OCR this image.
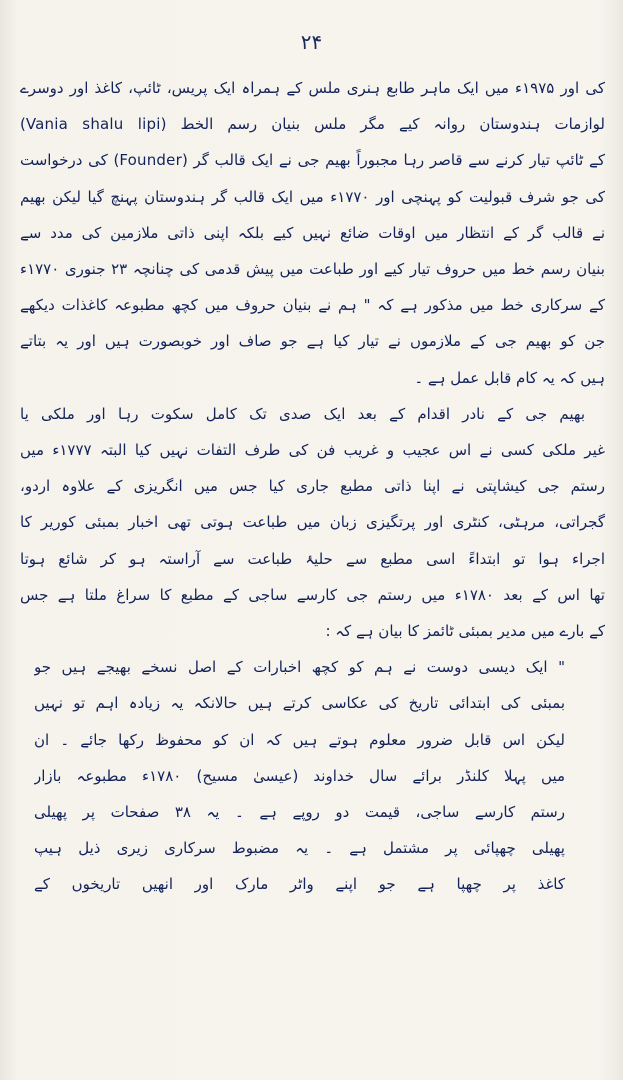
۲۴
کی اور ۱۹۷۵ء میں ایک ماہر طابع ہنری ملس کے ہمراہ ایک پریس، ٹائپ، کاغذ اور دوسرے
لوازمات ہندوستان روانہ کیے مگر ملس بنیان رسم الخط (Vania shalu lipi)
کے ٹائپ تیار کرنے سے قاصر رہا مجبوراً بھیم جی نے ایک قالب گر (Founder) کی درخواست
کی جو شرف قبولیت کو پہنچی اور ۱۷۷۰ء میں ایک قالب گر ہندوستان پہنچ گیا لیکن بھیم
نے قالب گر کے انتظار میں اوقات ضائع نہیں کیے بلکہ اپنی ذاتی ملازمین کی مدد سے
بنیان رسم خط میں حروف تیار کیے اور طباعت میں پیش قدمی کی چنانچہ ۲۳ جنوری ۱۷۷۰ء
کے سرکاری خط میں مذکور ہے کہ " ہم نے بنیان حروف میں کچھ مطبوعہ کاغذات دیکھے
جن کو بھیم جی کے ملازموں نے تیار کیا ہے جو صاف اور خوبصورت ہیں اور یہ بتاتے
ہیں کہ یہ کام قابل عمل ہے ۔
بھیم جی کے نادر اقدام کے بعد ایک صدی تک کامل سکوت رہا اور ملکی یا
غیر ملکی کسی نے اس عجیب و غریب فن کی طرف التفات نہیں کیا البتہ ۱۷۷۷ء میں
رستم جی کیشاپتی نے اپنا ذاتی مطبع جاری کیا جس میں انگریزی کے علاوہ اردو،
گجراتی، مرہٹی، کنٹری اور پرتگیزی زبان میں طباعت ہوتی تھی اخبار بمبئی کوریر کا
اجراء ہوا تو ابتداءً اسی مطبع سے حلیۂ طباعت سے آراستہ ہو کر شائع ہوتا
تھا اس کے بعد ۱۷۸۰ء میں رستم جی کارسے ساجی کے مطبع کا سراغ ملتا ہے جس
کے بارے میں مدیر بمبئی ٹائمز کا بیان ہے کہ :
" ایک دیسی دوست نے ہم کو کچھ اخبارات کے اصل نسخے بھیجے ہیں جو
بمبئی کی ابتدائی تاریخ کی عکاسی کرتے ہیں حالانکہ یہ زیادہ اہم تو نہیں
لیکن اس قابل ضرور معلوم ہوتے ہیں کہ ان کو محفوظ رکھا جائے ۔ ان
میں پہلا کلنڈر برائے سال خداوند (عیسیٰ مسیح) ۱۷۸۰ء مطبوعہ بازار
رستم کارسے ساجی، قیمت دو روپے ہے ۔ یہ ۳۸ صفحات پر پھیلی
پھیلی چھپائی پر مشتمل ہے ۔ یہ مضبوط سرکاری زیری ذیل ہیپ
کاغذ پر چھپا ہے جو اپنے واٹر مارک اور انھیں تاریخوں کے
